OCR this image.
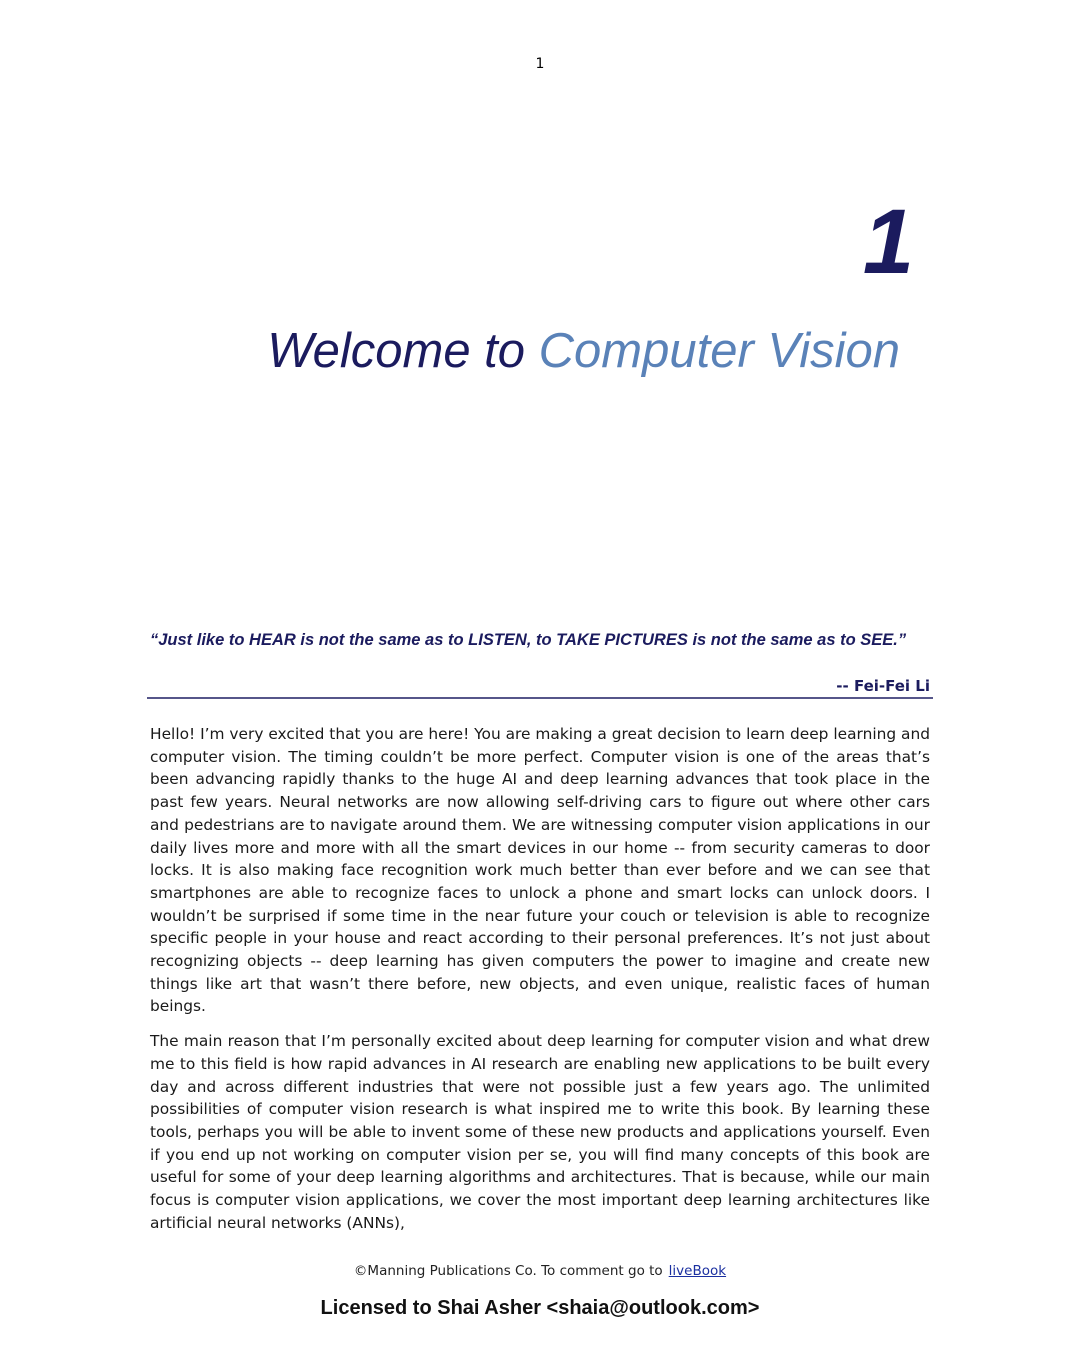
1
1
Welcome to Computer Vision
“Just like to HEAR is not the same as to LISTEN, to TAKE PICTURES is not the same as to SEE.”
-- Fei-Fei Li

Hello! I’m very excited that you are here! You are making a great decision to learn deep learning and computer vision. The timing couldn’t be more perfect. Computer vision is one of the areas that’s been advancing rapidly thanks to the huge AI and deep learning advances that took place in the past few years. Neural networks are now allowing self-driving cars to figure out where other cars and pedestrians are to navigate around them. We are witnessing computer vision applications in our daily lives more and more with all the smart devices in our home -- from security cameras to door locks. It is also making face recognition work much better than ever before and we can see that smartphones are able to recognize faces to unlock a phone and smart locks can unlock doors. I wouldn’t be surprised if some time in the near future your couch or television is able to recognize specific people in your house and react according to their personal preferences. It’s not just about recognizing objects -- deep learning has given computers the power to imagine and create new things like art that wasn’t there before, new objects, and even unique, realistic faces of human beings.

The main reason that I’m personally excited about deep learning for computer vision and what drew me to this field is how rapid advances in AI research are enabling new applications to be built every day and across different industries that were not possible just a few years ago. The unlimited possibilities of computer vision research is what inspired me to write this book. By learning these tools, perhaps you will be able to invent some of these new products and applications yourself. Even if you end up not working on computer vision per se, you will find many concepts of this book are useful for some of your deep learning algorithms and architectures. That is because, while our main focus is computer vision applications, we cover the most important deep learning architectures like artificial neural networks (ANNs),

©Manning Publications Co. To comment go to liveBook
Licensed to Shai Asher <shaia@outlook.com>
